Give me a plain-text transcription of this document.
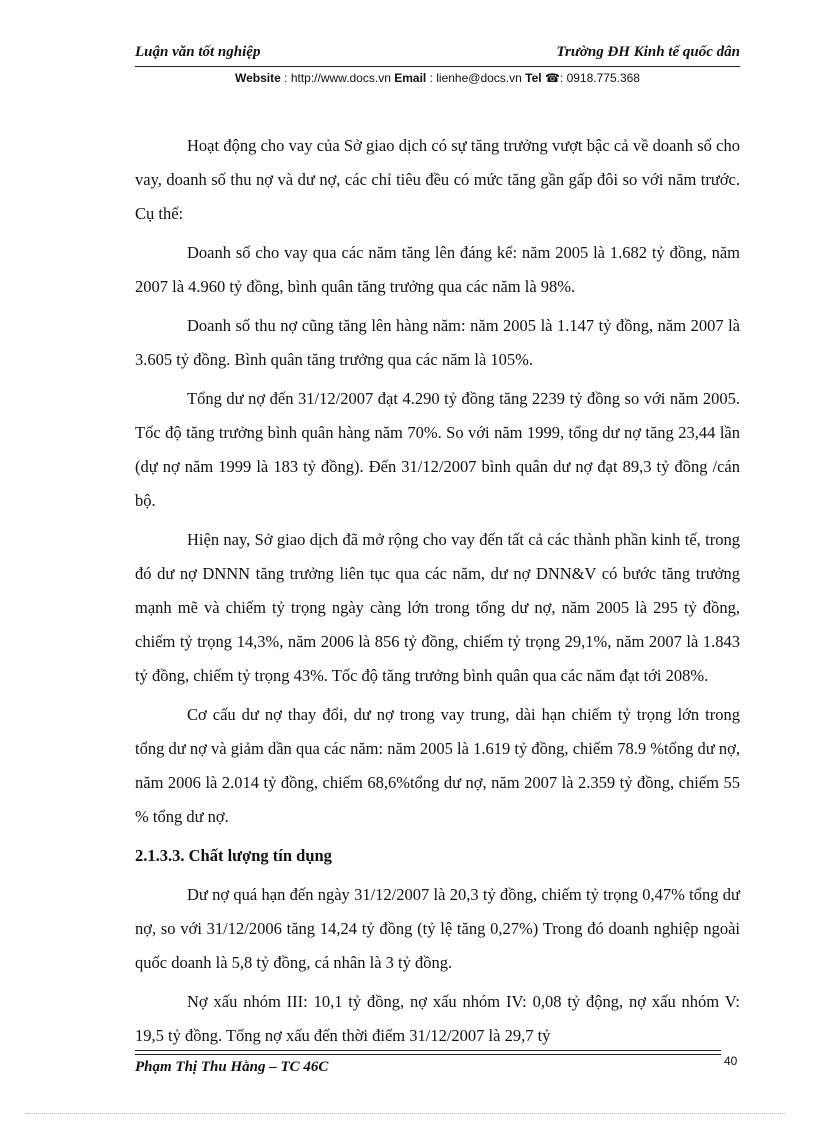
Luận văn tốt nghiệp	Trường ĐH Kinh tế quốc dân
Website : http://www.docs.vn Email : lienhe@docs.vn Tel ☎: 0918.775.368

Hoạt động cho vay của Sở giao dịch có sự tăng trưởng vượt bậc cả về doanh số cho vay, doanh số thu nợ và dư nợ, các chỉ tiêu đều có mức tăng gần gấp đôi so với năm trước. Cụ thể:

Doanh số cho vay qua các năm tăng lên đáng kể: năm 2005 là 1.682 tỷ đồng, năm 2007 là 4.960 tỷ đồng, bình quân tăng trưởng qua các năm là 98%.

Doanh số thu nợ cũng tăng lên hàng năm: năm 2005 là 1.147 tỷ đồng, năm 2007 là 3.605 tỷ đồng. Bình quân tăng trưởng qua các năm là 105%.

Tổng dư nợ đến 31/12/2007 đạt 4.290 tỷ đồng tăng 2239 tỷ đồng so với năm 2005. Tốc độ tăng trưởng bình quân hàng năm 70%. So với năm 1999, tổng dư nợ tăng 23,44 lần (dự nợ năm 1999 là 183 tỷ đồng). Đến 31/12/2007 bình quân dư nợ đạt 89,3 tỷ đồng /cán bộ.

Hiện nay, Sở giao dịch đã mở rộng cho vay đến tất cả các thành phần kinh tế, trong đó dư nợ DNNN tăng trưởng liên tục qua các năm, dư nợ DNN&V có bước tăng trưởng mạnh mẽ và chiếm tỷ trọng ngày càng lớn trong tổng dư nợ, năm 2005 là 295 tỷ đồng, chiếm tỷ trọng 14,3%, năm 2006 là 856 tỷ đồng, chiếm tỷ trọng 29,1%, năm 2007 là 1.843 tỷ đồng, chiếm tỷ trọng 43%. Tốc độ tăng trưởng bình quân qua các năm đạt tới 208%.

Cơ cấu dư nợ thay đổi, dư nợ trong vay trung, dài hạn chiếm tỷ trọng lớn trong tổng dư nợ và giảm dần qua các năm: năm 2005 là 1.619 tỷ đồng, chiếm 78.9 %tổng dư nợ, năm 2006 là 2.014 tỷ đồng, chiếm 68,6%tổng dư nợ, năm 2007 là 2.359 tỷ đồng, chiếm 55 % tổng dư nợ.

2.1.3.3. Chất lượng tín dụng

Dư nợ quá hạn đến ngày 31/12/2007 là 20,3 tỷ đồng, chiếm tỷ trọng 0,47% tổng dư nợ, so với 31/12/2006 tăng 14,24 tỷ đồng (tỷ lệ tăng 0,27%) Trong đó doanh nghiệp ngoài quốc doanh là 5,8 tỷ đồng, cá nhân là 3 tỷ đồng.

Nợ xấu nhóm III: 10,1 tỷ đồng, nợ xấu nhóm IV: 0,08 tỷ động, nợ xấu nhóm V: 19,5 tỷ đồng. Tổng nợ xấu đến thời điểm 31/12/2007 là 29,7 tỷ

Phạm Thị Thu Hằng – TC 46C	40
